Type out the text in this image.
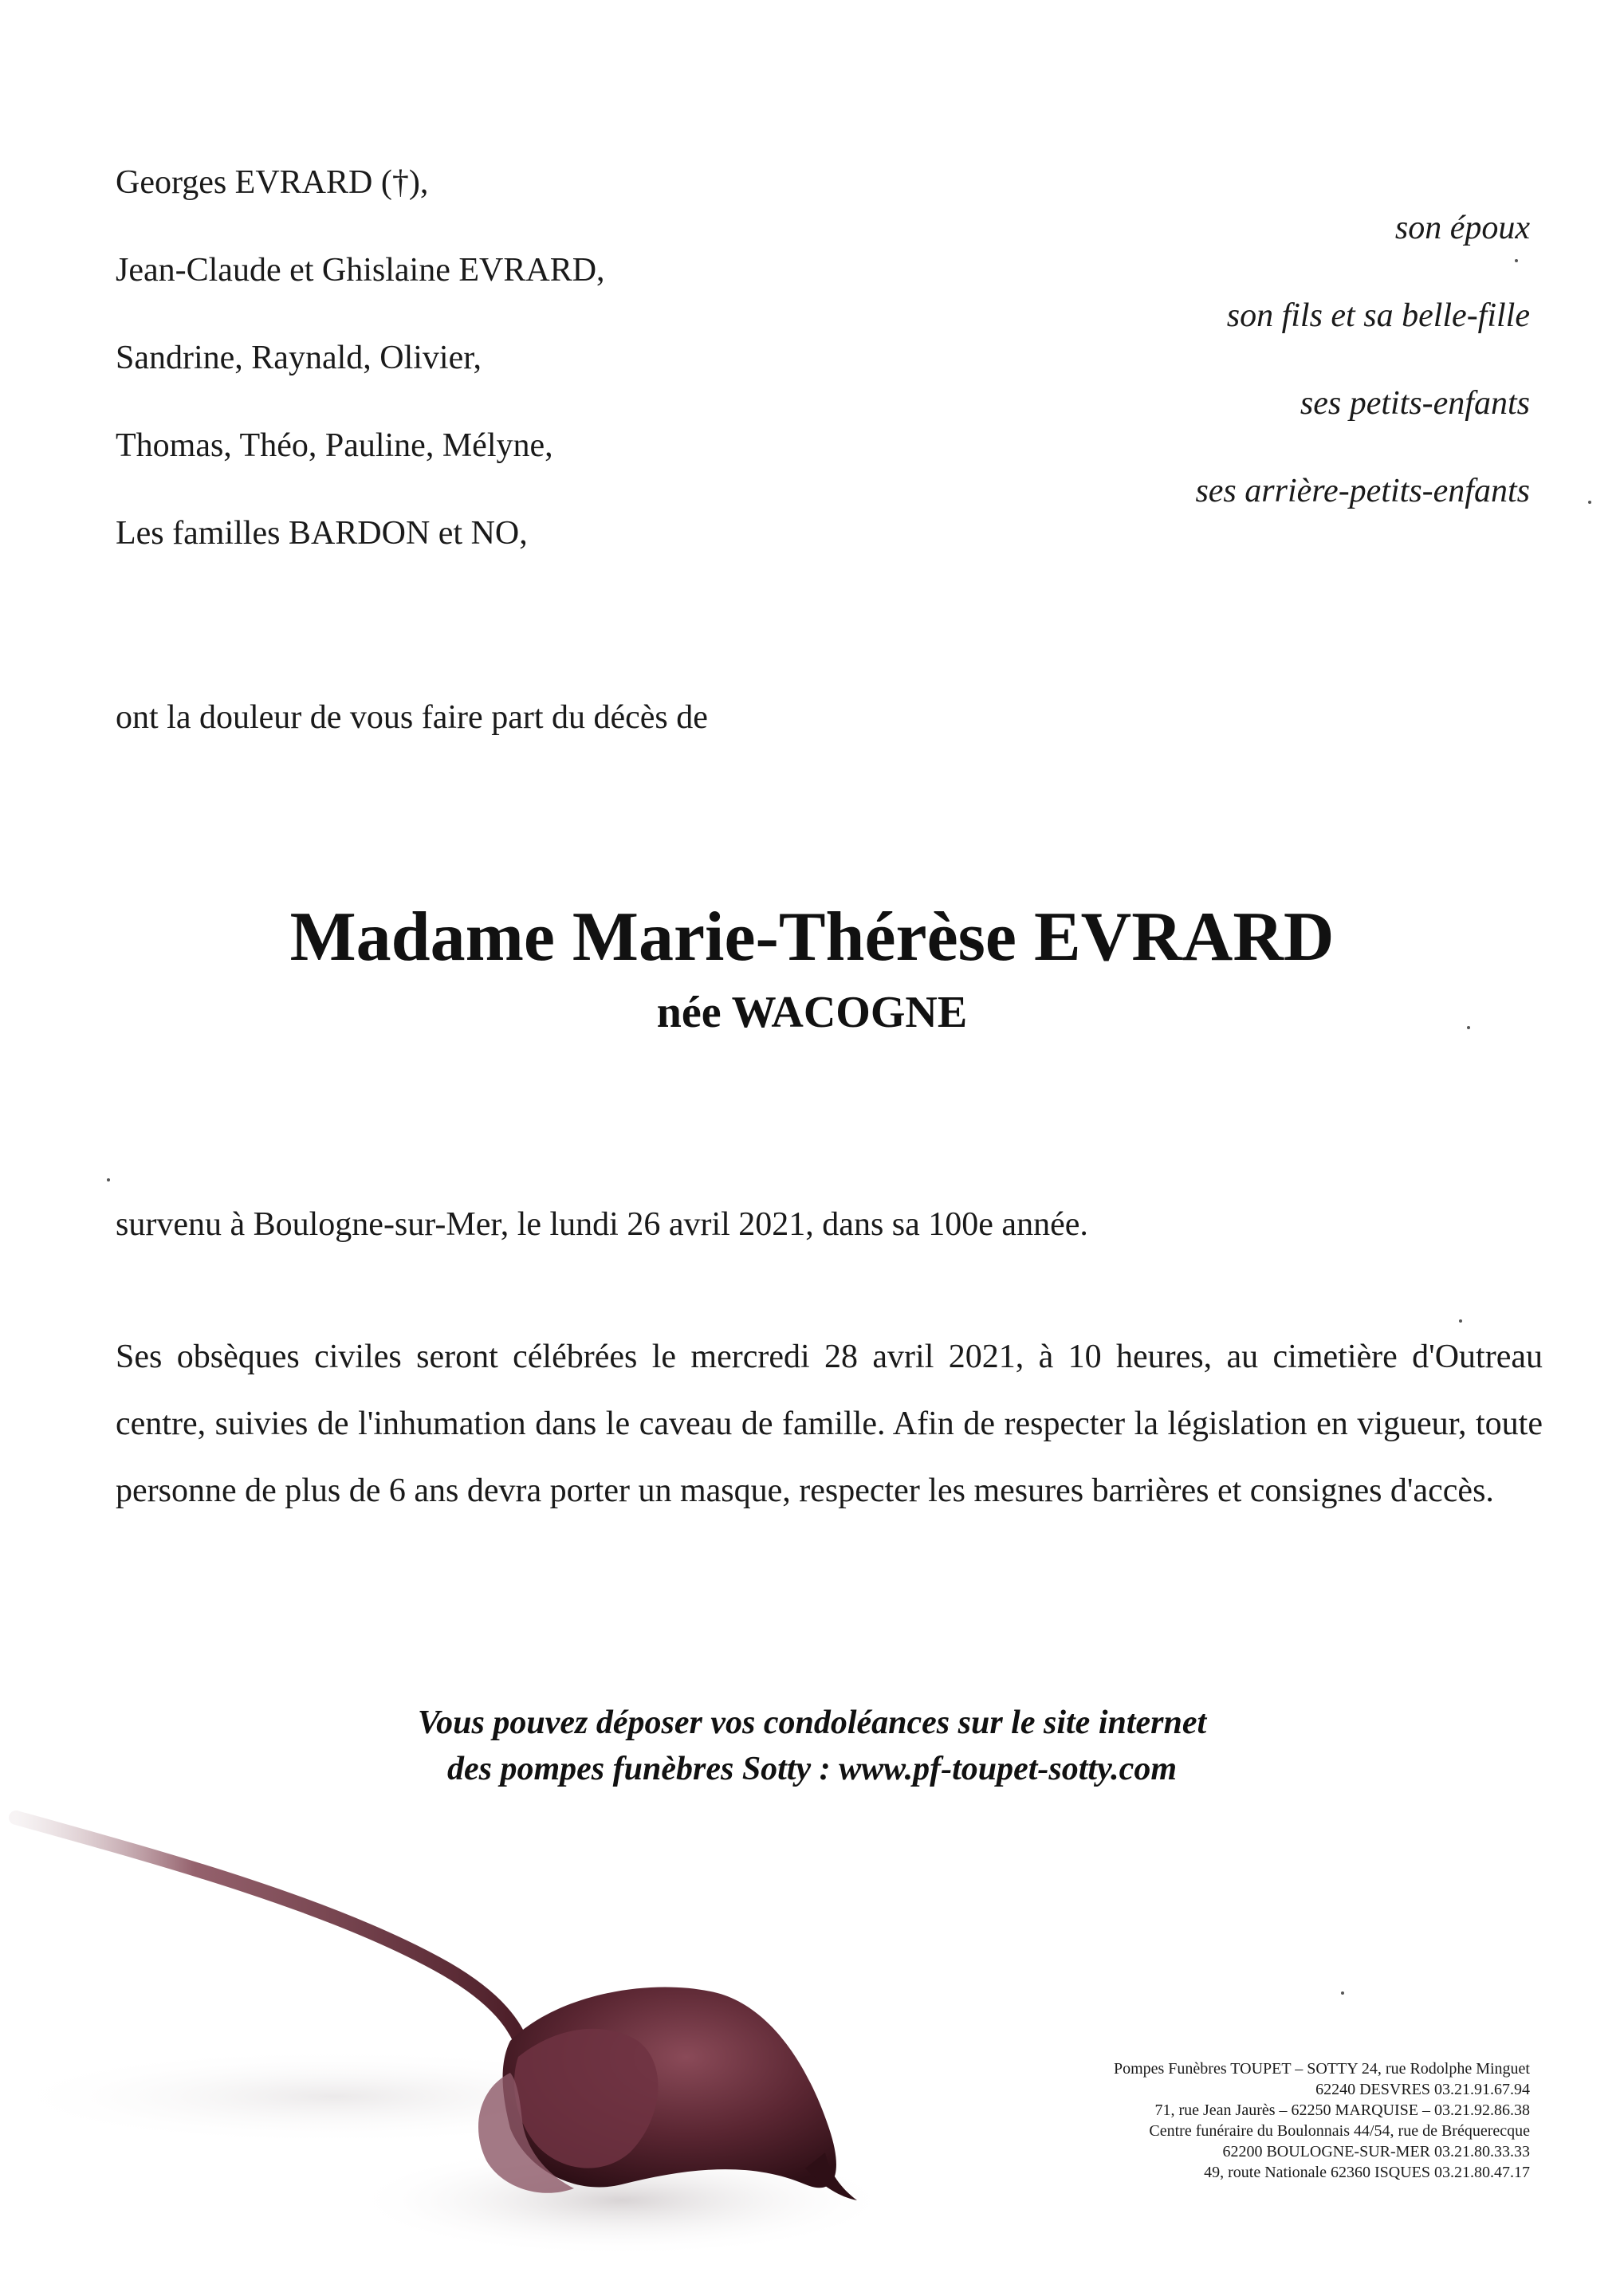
Georges EVRARD (†),
Jean-Claude et Ghislaine EVRARD,
Sandrine, Raynald, Olivier,
Thomas, Théo, Pauline, Mélyne,
Les familles BARDON et NO,
son époux
son fils et sa belle-fille
ses petits-enfants
ses arrière-petits-enfants
ont la douleur de vous faire part du décès de
Madame Marie-Thérèse EVRARD
née WACOGNE
survenu à Boulogne-sur-Mer, le lundi 26 avril 2021, dans sa 100e année.
Ses obsèques civiles seront célébrées le mercredi 28 avril 2021, à 10 heures, au cimetière d'Outreau centre, suivies de l'inhumation dans le caveau de famille. Afin de respecter la législation en vigueur, toute personne de plus de 6 ans devra porter un masque, respecter les mesures barrières et consignes d'accès.
Vous pouvez déposer vos condoléances sur le site internet
des pompes funèbres Sotty : www.pf-toupet-sotty.com
Pompes Funèbres TOUPET – SOTTY 24, rue Rodolphe Minguet
62240 DESVRES 03.21.91.67.94
71, rue Jean Jaurès – 62250 MARQUISE – 03.21.92.86.38
Centre funéraire du Boulonnais 44/54, rue de Bréquerecque
62200 BOULOGNE-SUR-MER 03.21.80.33.33
49, route Nationale 62360 ISQUES 03.21.80.47.17
